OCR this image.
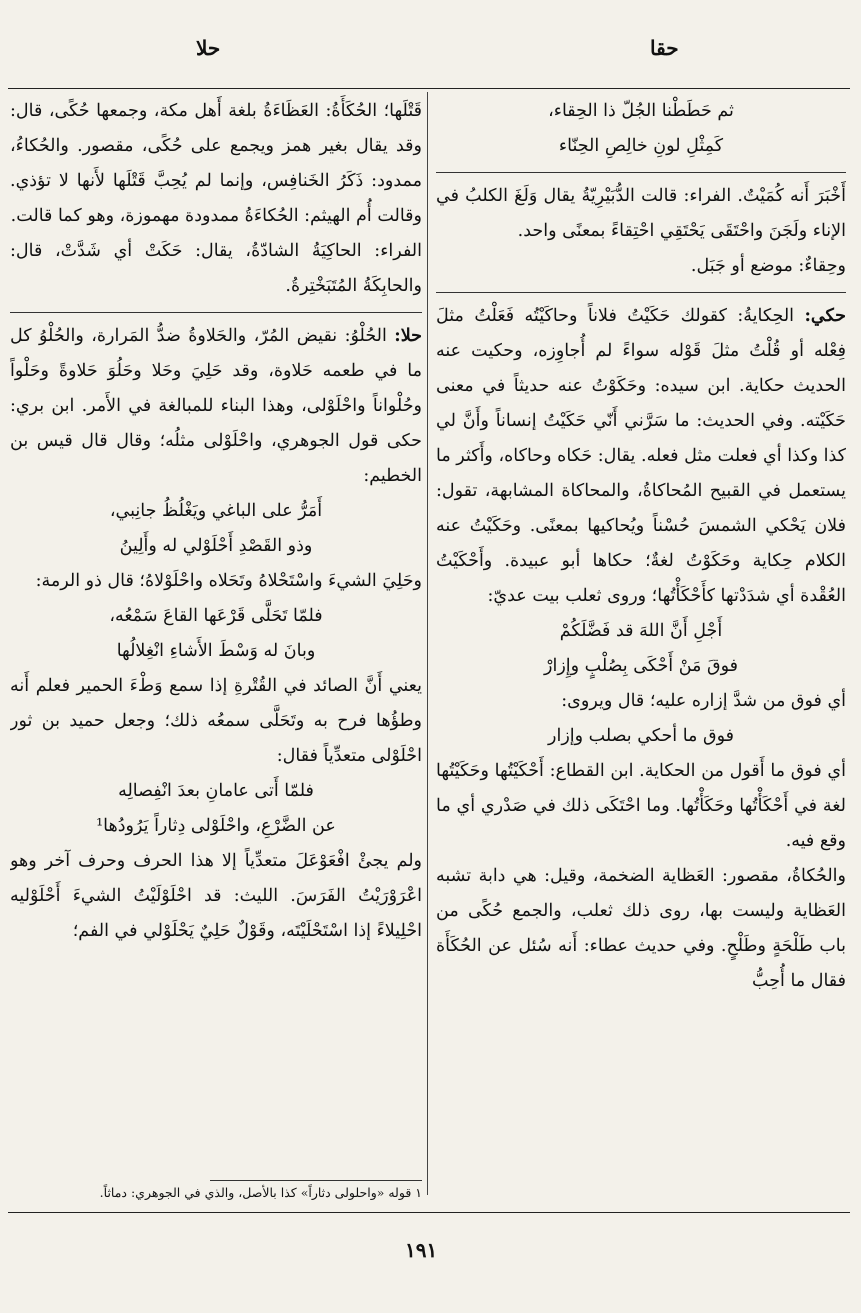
حقا
حلا

ثم حَطَطْنا الجُلّ ذا الحِقاء،

كَمِثْلِ لونِ خالِصِ الحِنّاء

أَخْبَرَ أَنه كُمَيْتٌ. الفراء: قالت الدُّبَيْرِيّةُ يقال وَلَغَ الكلبُ في الإناء ولَجَنَ واحْتَقَى يَحْتَقِي احْتِقاءً بمعنًى واحد.

وحِقاءٌ: موضع أو جَبَل.

حكي: الحِكايةُ: كقولك حَكَيْتُ فلاناً وحاكَيْتُه فَعَلْتُ مثلَ فِعْله أو قُلْتُ مثلَ قَوْله سواءً لم أُجاوِزه، وحكيت عنه الحديث حكاية. ابن سيده: وحَكَوْتُ عنه حديثاً في معنى حَكَيْته. وفي الحديث: ما سَرَّني أَنّي حَكَيْتُ إنساناً وأَنَّ لي كذا وكذا أي فعلت مثل فعله. يقال: حَكاه وحاكاه، وأَكثر ما يستعمل في القبيح المُحاكاةُ، والمحاكاة المشابهة، تقول: فلان يَحْكي الشمسَ حُسْناً ويُحاكيها بمعنًى. وحَكَيْتُ عنه الكلام حِكاية وحَكَوْتُ لغةٌ؛ حكاها أبو عبيدة. وأَحْكَيْتُ العُقْدة أي شدَدْتها كأَحْكَأْتُها؛ وروى ثعلب بيت عديّ:

أَجْلِ أَنَّ اللهَ قد فَضَّلَكُمْ

فوقَ مَنْ أَحْكَى بِصُلْبٍ وإِزارْ

أي فوق من شدَّ إزاره عليه؛ قال ويروى:

فوق ما أحكي بصلب وإزار

أي فوق ما أَقول من الحكاية. ابن القطاع: أَحْكَيْتُها وحَكَيْتُها لغة في أَحْكَأْتُها وحَكَأْتُها. وما احْتَكَى ذلك في صَدْري أي ما وقع فيه.

والحُكاةُ، مقصور: العَظاية الضخمة، وقيل: هي دابة تشبه العَظاية وليست بها، روى ذلك ثعلب، والجمع حُكًى من باب طَلْحَةٍ وطَلْحٍ. وفي حديث عطاء: أَنه سُئل عن الحُكَأَة فقال ما أُحِبُّ

قَتْلَها؛ الحُكَأَةُ: العَظَاءَةُ بلغة أَهل مكة، وجمعها حُكًى، قال: وقد يقال بغير همز ويجمع على حُكًى، مقصور. والحُكاءُ، ممدود: ذَكَرُ الخَنافِس، وإنما لم يُحِبَّ قَتْلَها لأَنها لا تؤذي. وقالت أُم الهيثم: الحُكاءَةُ ممدودة مهموزة، وهو كما قالت.

الفراء: الحاكِيَةُ الشادّةُ، يقال: حَكَتْ أي شَدَّتْ، قال: والحابِكَةُ المُتَبَخْتِرةُ.

حلا: الحُلْوُ: نقيض المُرّ، والحَلاوةُ ضدُّ المَرارة، والحُلْوُ كل ما في طعمه حَلاوة، وقد حَلِيَ وحَلا وحَلُوَ حَلاوةً وحَلْواً وحُلْواناً واحْلَوْلى، وهذا البناء للمبالغة في الأَمر. ابن بري: حكى قول الجوهري، واحْلَوْلى مثلُه؛ وقال قال قيس بن الخطيم:

أَمَرُّ على الباغي ويَغْلُظُ جانِبي،

وذو القَصْدِ أَحْلَوْلي له وأَلِينُ

وحَلِيَ الشيءَ واسْتَحْلاهُ وتَحَلاه واحْلَوْلاهُ؛ قال ذو الرمة:

فلمّا تَحَلَّى قَرْعَها القاعَ سَمْعُه،

وبانَ له وَسْطَ الأَشاءِ انْغِلالُها

يعني أَنَّ الصائد في القُتْرةِ إذا سمع وَطْءَ الحمير فعلم أَنه وطؤُها فرح به وتَحَلَّى سمعُه ذلك؛ وجعل حميد بن ثور احْلَوْلى متعدِّياً فقال:

فلمّا أَتى عامانِ بعدَ انْفِصالِه

عن الضَّرْعِ، واحْلَوْلى دِثاراً يَرُودُها¹

ولم يجئْ افْعَوْعَلَ متعدِّياً إلا هذا الحرف وحرف آخر وهو اعْرَوْرَيْتُ الفَرَسَ. الليث: قد احْلَوْلَيْتُ الشيءَ أَحْلَوْليه احْلِيلاءً إذا اسْتَحْلَيْتَه، وقَوْلٌ حَلِيٌ يَحْلَوْلي في الفم؛

١ قوله «واحلولى دثاراً» كذا بالأصل، والذي في الجوهري: دماثاً.
١٩١
